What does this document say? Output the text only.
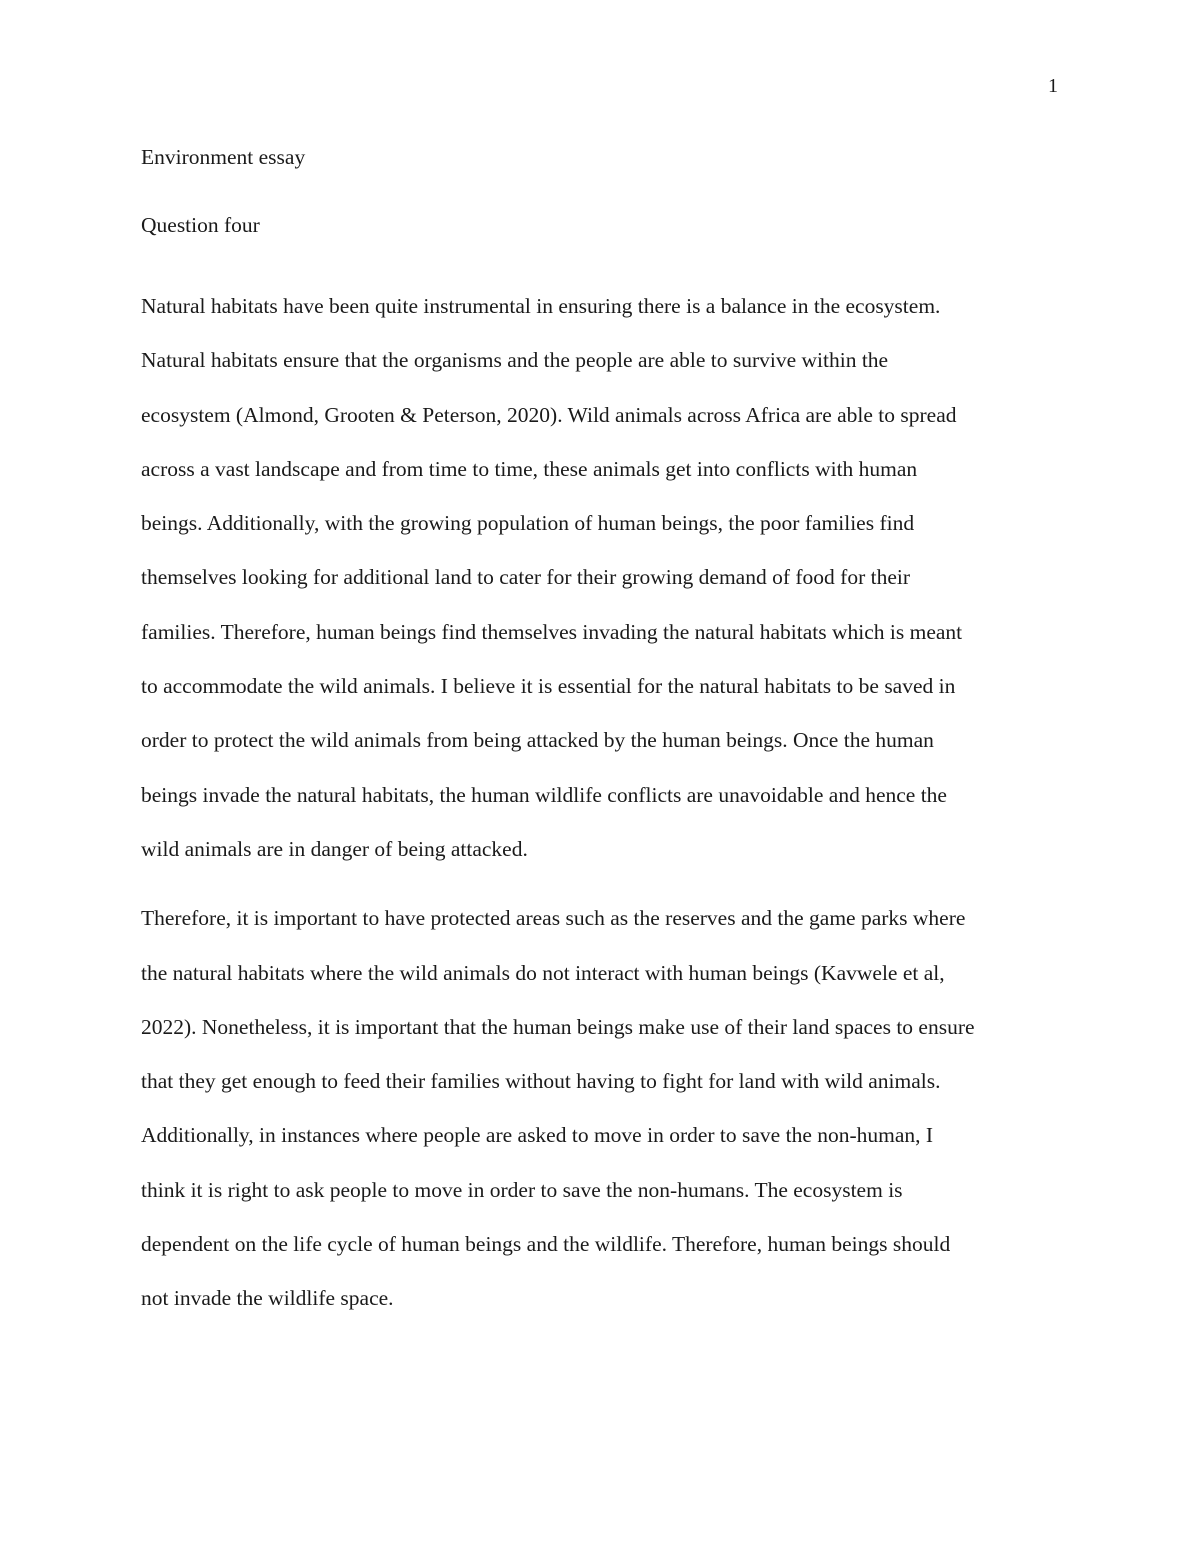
1

Environment essay

Question four

Natural habitats have been quite instrumental in ensuring there is a balance in the ecosystem.
Natural habitats ensure that the organisms and the people are able to survive within the
ecosystem (Almond, Grooten & Peterson, 2020). Wild animals across Africa are able to spread
across a vast landscape and from time to time, these animals get into conflicts with human
beings. Additionally, with the growing population of human beings, the poor families find
themselves looking for additional land to cater for their growing demand of food for their
families. Therefore, human beings find themselves invading the natural habitats which is meant
to accommodate the wild animals. I believe it is essential for the natural habitats to be saved in
order to protect the wild animals from being attacked by the human beings. Once the human
beings invade the natural habitats, the human wildlife conflicts are unavoidable and hence the
wild animals are in danger of being attacked.

Therefore, it is important to have protected areas such as the reserves and the game parks where
the natural habitats where the wild animals do not interact with human beings (Kavwele et al,
2022). Nonetheless, it is important that the human beings make use of their land spaces to ensure
that they get enough to feed their families without having to fight for land with wild animals.
Additionally, in instances where people are asked to move in order to save the non-human, I
think it is right to ask people to move in order to save the non-humans. The ecosystem is
dependent on the life cycle of human beings and the wildlife. Therefore, human beings should
not invade the wildlife space.
